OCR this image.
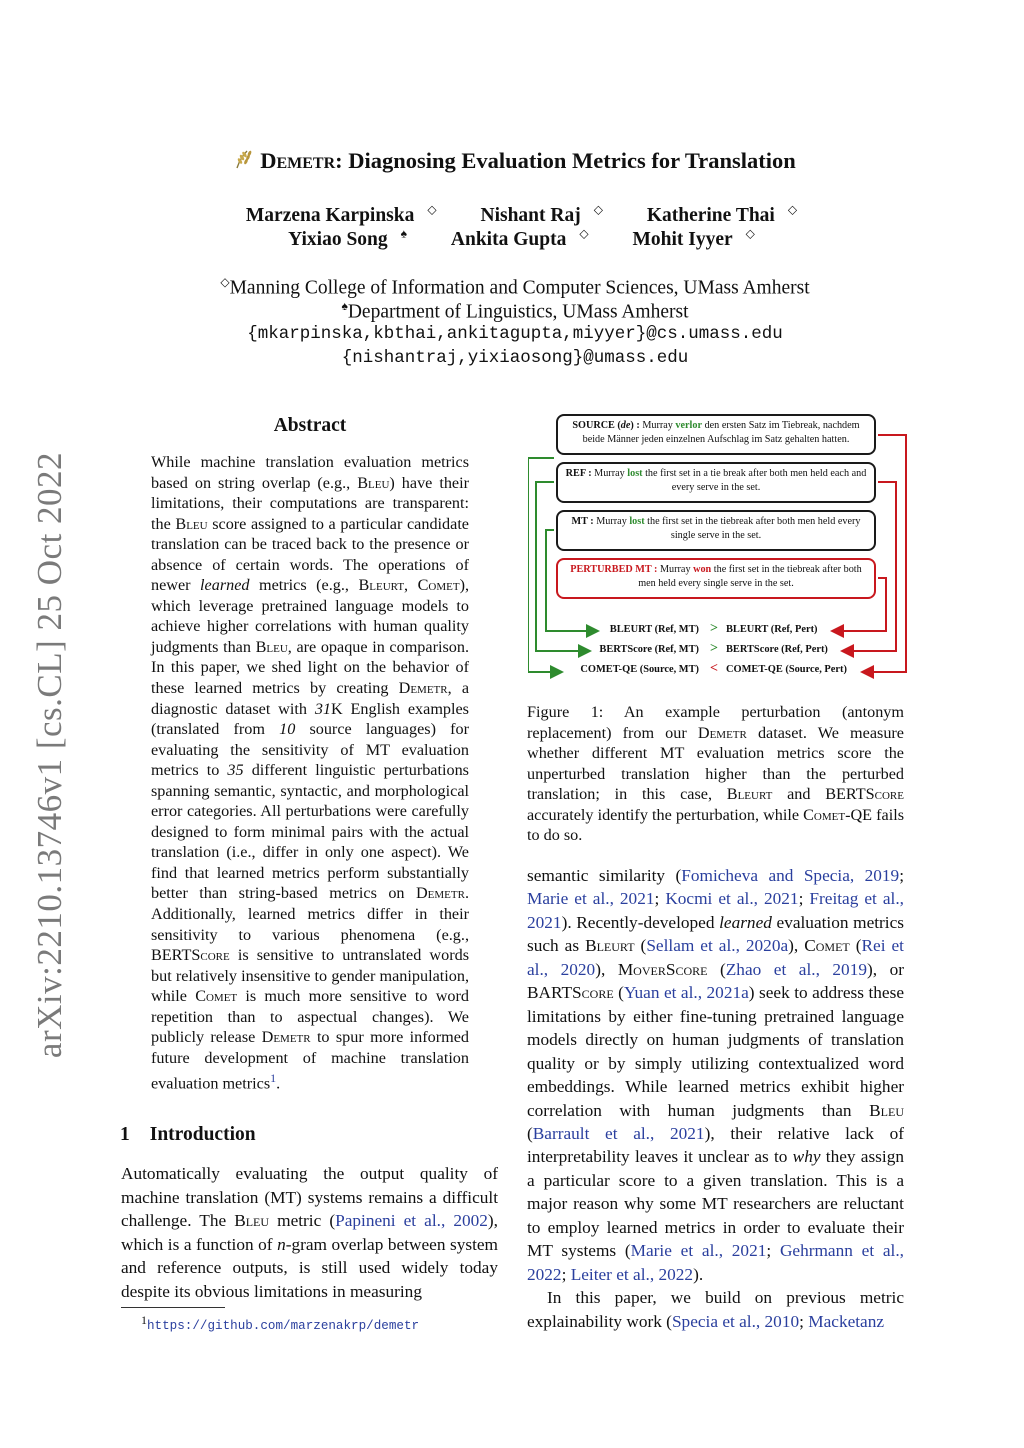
arXiv:2210.13746v1 [cs.CL] 25 Oct 2022
Demetr: Diagnosing Evaluation Metrics for Translation
Marzena Karpinska ◇ Nishant Raj ◇ Katherine Thai ◇
Yixiao Song ♠ Ankita Gupta ◇ Mohit Iyyer ◇
◇Manning College of Information and Computer Sciences, UMass Amherst
♠Department of Linguistics, UMass Amherst
{mkarpinska,kbthai,ankitagupta,miyyer}@cs.umass.edu
{nishantraj,yixiaosong}@umass.edu
Abstract

While machine translation evaluation metrics based on string overlap (e.g., Bleu) have their limitations, their computations are transparent: the Bleu score assigned to a particular candidate translation can be traced back to the presence or absence of certain words. The operations of newer learned metrics (e.g., Bleurt, Comet), which leverage pretrained language models to achieve higher correlations with human quality judgments than Bleu, are opaque in comparison. In this paper, we shed light on the behavior of these learned metrics by creating Demetr, a diagnostic dataset with 31K English examples (translated from 10 source languages) for evaluating the sensitivity of MT evaluation metrics to 35 different linguistic perturbations spanning semantic, syntactic, and morphological error categories. All perturbations were carefully designed to form minimal pairs with the actual translation (i.e., differ in only one aspect). We find that learned metrics perform substantially better than string-based metrics on Demetr. Additionally, learned metrics differ in their sensitivity to various phenomena (e.g., BERTScore is sensitive to untranslated words but relatively insensitive to gender manipulation, while Comet is much more sensitive to word repetition than to aspectual changes). We publicly release Demetr to spur more informed future development of machine translation evaluation metrics$^1$.

1 Introduction

Automatically evaluating the output quality of machine translation (MT) systems remains a difficult challenge. The Bleu metric (Papineni et al., 2002), which is a function of n-gram overlap between system and reference outputs, is still used widely today despite its obvious limitations in measuring

$^1$https://github.com/marzenakrp/demetr
SOURCE (de) : Murray verlor den ersten Satz im Tiebreak, nachdem beide Männer jeden einzelnen Aufschlag im Satz gehalten hatten.
REF : Murray lost the first set in a tie break after both men held each and every serve in the set.
MT : Murray lost the first set in the tiebreak after both men held every single serve in the set.
PERTURBED MT : Murray won the first set in the tiebreak after both men held every single serve in the set.
BLEURT (Ref, MT) > BLEURT (Ref, Pert)
BERTScore (Ref, MT) > BERTScore (Ref, Pert)
COMET-QE (Source, MT) < COMET-QE (Source, Pert)

Figure 1: An example perturbation (antonym replacement) from our Demetr dataset. We measure whether different MT evaluation metrics score the unperturbed translation higher than the perturbed translation; in this case, Bleurt and BERTScore accurately identify the perturbation, while Comet-QE fails to do so.

semantic similarity (Fomicheva and Specia, 2019; Marie et al., 2021; Kocmi et al., 2021; Freitag et al., 2021). Recently-developed learned evaluation metrics such as Bleurt (Sellam et al., 2020a), Comet (Rei et al., 2020), MoverScore (Zhao et al., 2019), or BARTScore (Yuan et al., 2021a) seek to address these limitations by either fine-tuning pretrained language models directly on human judgments of translation quality or by simply utilizing contextualized word embeddings. While learned metrics exhibit higher correlation with human judgments than Bleu (Barrault et al., 2021), their relative lack of interpretability leaves it unclear as to why they assign a particular score to a given translation. This is a major reason why some MT researchers are reluctant to employ learned metrics in order to evaluate their MT systems (Marie et al., 2021; Gehrmann et al., 2022; Leiter et al., 2022).

In this paper, we build on previous metric explainability work (Specia et al., 2010; Macketanz
